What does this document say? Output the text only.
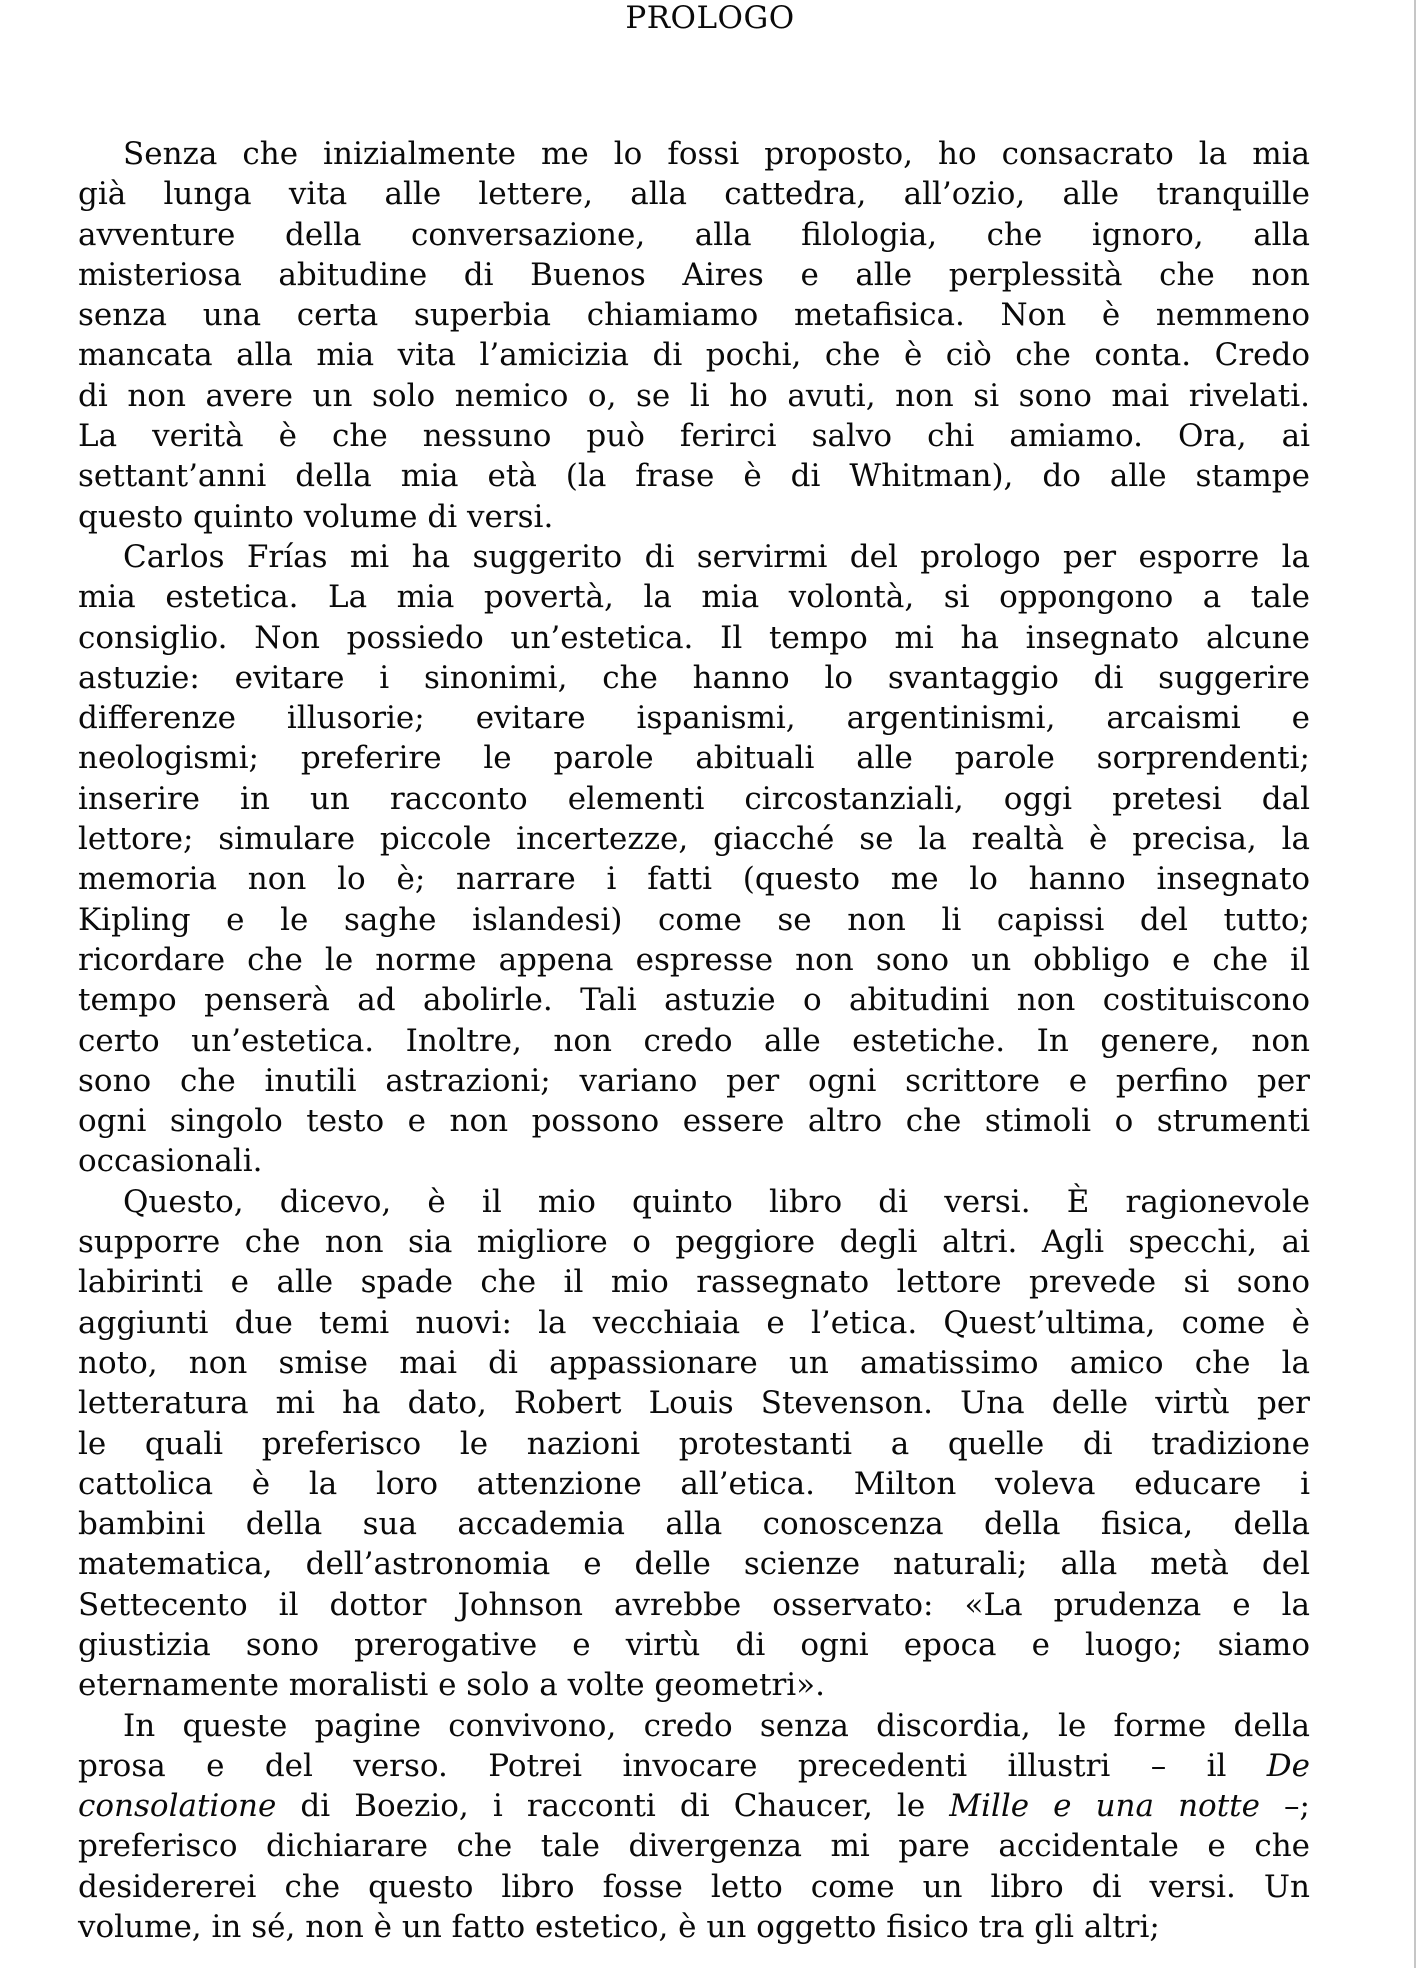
PROLOGO
Senza che inizialmente me lo fossi proposto, ho consacrato la mia
già lunga vita alle lettere, alla cattedra, all’ozio, alle tranquille
avventure della conversazione, alla filologia, che ignoro, alla
misteriosa abitudine di Buenos Aires e alle perplessità che non
senza una certa superbia chiamiamo metafisica. Non è nemmeno
mancata alla mia vita l’amicizia di pochi, che è ciò che conta. Credo
di non avere un solo nemico o, se li ho avuti, non si sono mai rivelati.
La verità è che nessuno può ferirci salvo chi amiamo. Ora, ai
settant’anni della mia età (la frase è di Whitman), do alle stampe
questo quinto volume di versi.
Carlos Frías mi ha suggerito di servirmi del prologo per esporre la
mia estetica. La mia povertà, la mia volontà, si oppongono a tale
consiglio. Non possiedo un’estetica. Il tempo mi ha insegnato alcune
astuzie: evitare i sinonimi, che hanno lo svantaggio di suggerire
differenze illusorie; evitare ispanismi, argentinismi, arcaismi e
neologismi; preferire le parole abituali alle parole sorprendenti;
inserire in un racconto elementi circostanziali, oggi pretesi dal
lettore; simulare piccole incertezze, giacché se la realtà è precisa, la
memoria non lo è; narrare i fatti (questo me lo hanno insegnato
Kipling e le saghe islandesi) come se non li capissi del tutto;
ricordare che le norme appena espresse non sono un obbligo e che il
tempo penserà ad abolirle. Tali astuzie o abitudini non costituiscono
certo un’estetica. Inoltre, non credo alle estetiche. In genere, non
sono che inutili astrazioni; variano per ogni scrittore e perfino per
ogni singolo testo e non possono essere altro che stimoli o strumenti
occasionali.
Questo, dicevo, è il mio quinto libro di versi. È ragionevole
supporre che non sia migliore o peggiore degli altri. Agli specchi, ai
labirinti e alle spade che il mio rassegnato lettore prevede si sono
aggiunti due temi nuovi: la vecchiaia e l’etica. Quest’ultima, come è
noto, non smise mai di appassionare un amatissimo amico che la
letteratura mi ha dato, Robert Louis Stevenson. Una delle virtù per
le quali preferisco le nazioni protestanti a quelle di tradizione
cattolica è la loro attenzione all’etica. Milton voleva educare i
bambini della sua accademia alla conoscenza della fisica, della
matematica, dell’astronomia e delle scienze naturali; alla metà del
Settecento il dottor Johnson avrebbe osservato: «La prudenza e la
giustizia sono prerogative e virtù di ogni epoca e luogo; siamo
eternamente moralisti e solo a volte geometri».
In queste pagine convivono, credo senza discordia, le forme della
prosa e del verso. Potrei invocare precedenti illustri – il De
consolatione di Boezio, i racconti di Chaucer, le Mille e una notte –;
preferisco dichiarare che tale divergenza mi pare accidentale e che
desidererei che questo libro fosse letto come un libro di versi. Un
volume, in sé, non è un fatto estetico, è un oggetto fisico tra gli altri;
